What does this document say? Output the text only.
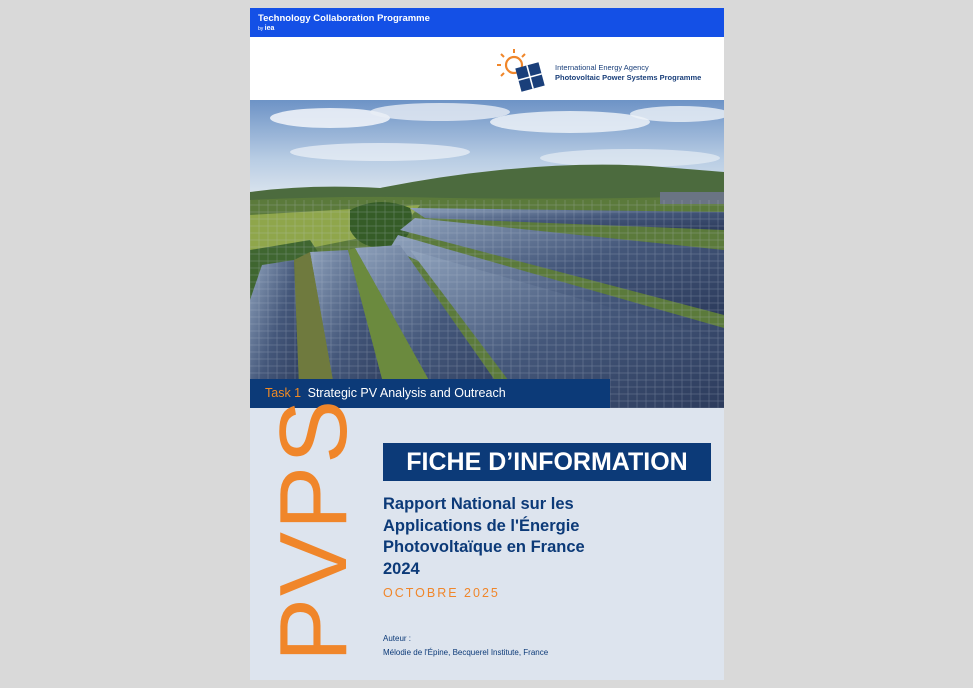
Technology Collaboration Programme
by iea
International Energy Agency
Photovoltaic Power Systems Programme
Task 1 Strategic PV Analysis and Outreach
PVPS	FICHE D’INFORMATION
Rapport National sur les
Applications de l'Énergie
Photovoltaïque en France
2024
OCTOBRE 2025
Auteur :
Mélodie de l'Épine, Becquerel Institute, France
